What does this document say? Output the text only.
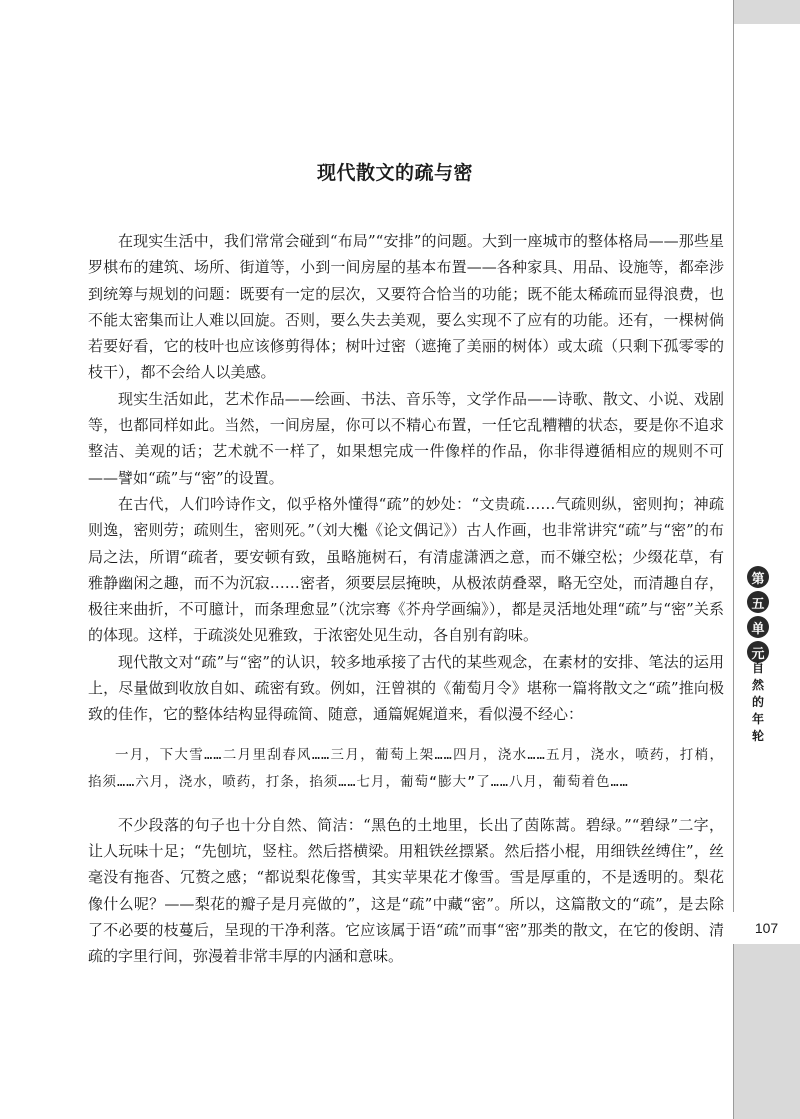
第
五
单
元
自
然
的
年
轮
107
现代散文的疏与密

在现实生活中，我们常常会碰到“布局”“安排”的问题。大到一座城市的整体格局——那些星罗棋布的建筑、场所、街道等，小到一间房屋的基本布置——各种家具、用品、设施等，都牵涉到统筹与规划的问题：既要有一定的层次，又要符合恰当的功能；既不能太稀疏而显得浪费，也不能太密集而让人难以回旋。否则，要么失去美观，要么实现不了应有的功能。还有，一棵树倘若要好看，它的枝叶也应该修剪得体；树叶过密（遮掩了美丽的树体）或太疏（只剩下孤零零的枝干），都不会给人以美感。

现实生活如此，艺术作品——绘画、书法、音乐等，文学作品——诗歌、散文、小说、戏剧等，也都同样如此。当然，一间房屋，你可以不精心布置，一任它乱糟糟的状态，要是你不追求整洁、美观的话；艺术就不一样了，如果想完成一件像样的作品，你非得遵循相应的规则不可——譬如“疏”与“密”的设置。

在古代，人们吟诗作文，似乎格外懂得“疏”的妙处：“文贵疏……气疏则纵，密则拘；神疏则逸，密则劳；疏则生，密则死。”（刘大櫆《论文偶记》）古人作画，也非常讲究“疏”与“密”的布局之法，所谓“疏者，要安顿有致，虽略施树石，有清虚潇洒之意，而不嫌空松；少缀花草，有雅静幽闲之趣，而不为沉寂……密者，须要层层掩映，从极浓荫叠翠，略无空处，而清趣自存，极往来曲折，不可臆计，而条理愈显”（沈宗骞《芥舟学画编》），都是灵活地处理“疏”与“密”关系的体现。这样，于疏淡处见雅致，于浓密处见生动，各自别有韵味。

现代散文对“疏”与“密”的认识，较多地承接了古代的某些观念，在素材的安排、笔法的运用上，尽量做到收放自如、疏密有致。例如，汪曾祺的《葡萄月令》堪称一篇将散文之“疏”推向极致的佳作，它的整体结构显得疏简、随意，通篇娓娓道来，看似漫不经心：

一月，下大雪……二月里刮春风……三月，葡萄上架……四月，浇水……五月，浇水，喷药，打梢，掐须……六月，浇水，喷药，打条，掐须……七月，葡萄“膨大”了……八月，葡萄着色……

不少段落的句子也十分自然、简洁：“黑色的土地里，长出了茵陈蒿。碧绿。”“碧绿”二字，让人玩味十足；“先刨坑，竖柱。然后搭横梁。用粗铁丝摽紧。然后搭小棍，用细铁丝缚住”，丝毫没有拖沓、冗赘之感；“都说梨花像雪，其实苹果花才像雪。雪是厚重的，不是透明的。梨花像什么呢？——梨花的瓣子是月亮做的”，这是“疏”中藏“密”。所以，这篇散文的“疏”，是去除了不必要的枝蔓后，呈现的干净利落。它应该属于语“疏”而事“密”那类的散文，在它的俊朗、清疏的字里行间，弥漫着非常丰厚的内涵和意味。
